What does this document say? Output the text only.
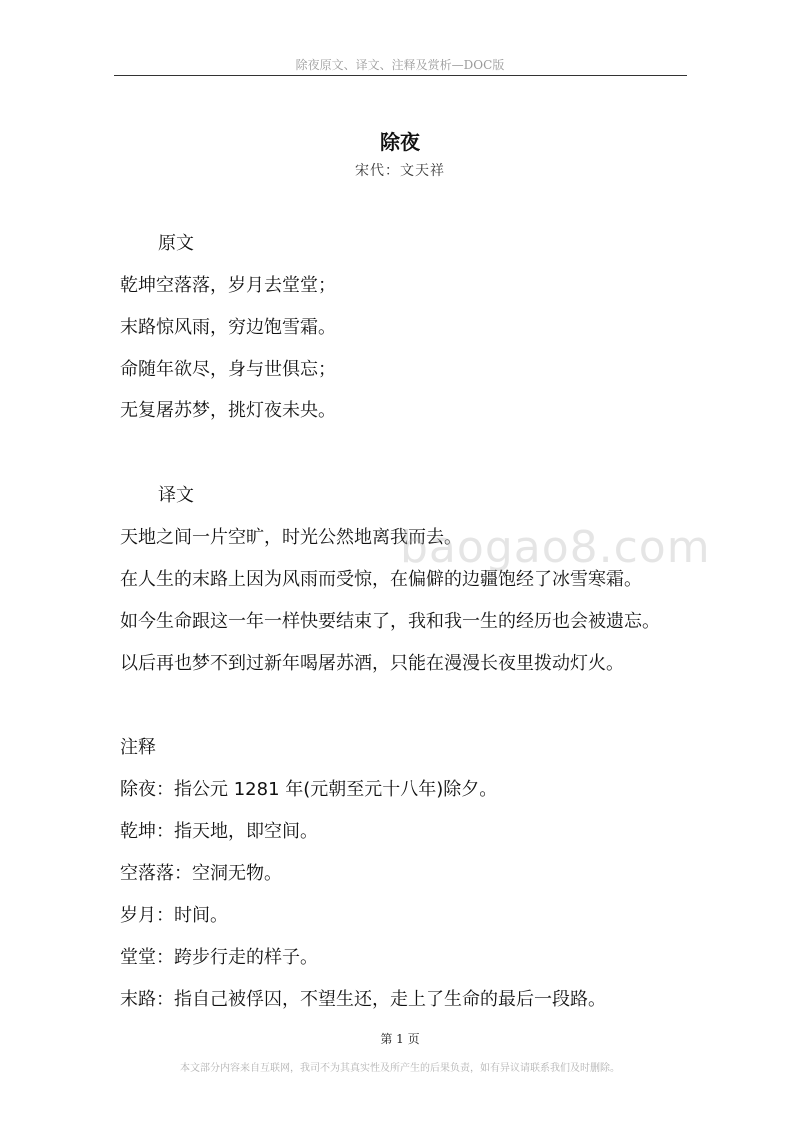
除夜原文、译文、注释及赏析—DOC版
除夜
宋代：文天祥
原文
乾坤空落落，岁月去堂堂；
末路惊风雨，穷边饱雪霜。
命随年欲尽，身与世俱忘；
无复屠苏梦，挑灯夜未央。
译文
天地之间一片空旷，时光公然地离我而去。
在人生的末路上因为风雨而受惊，在偏僻的边疆饱经了冰雪寒霜。
如今生命跟这一年一样快要结束了，我和我一生的经历也会被遗忘。
以后再也梦不到过新年喝屠苏酒，只能在漫漫长夜里拨动灯火。
baogao8.com
注释
除夜：指公元 1281 年(元朝至元十八年)除夕。
乾坤：指天地，即空间。
空落落：空洞无物。
岁月：时间。
堂堂：跨步行走的样子。
末路：指自己被俘囚，不望生还，走上了生命的最后一段路。
第 1 页
本文部分内容来自互联网，我司不为其真实性及所产生的后果负责，如有异议请联系我们及时删除。
